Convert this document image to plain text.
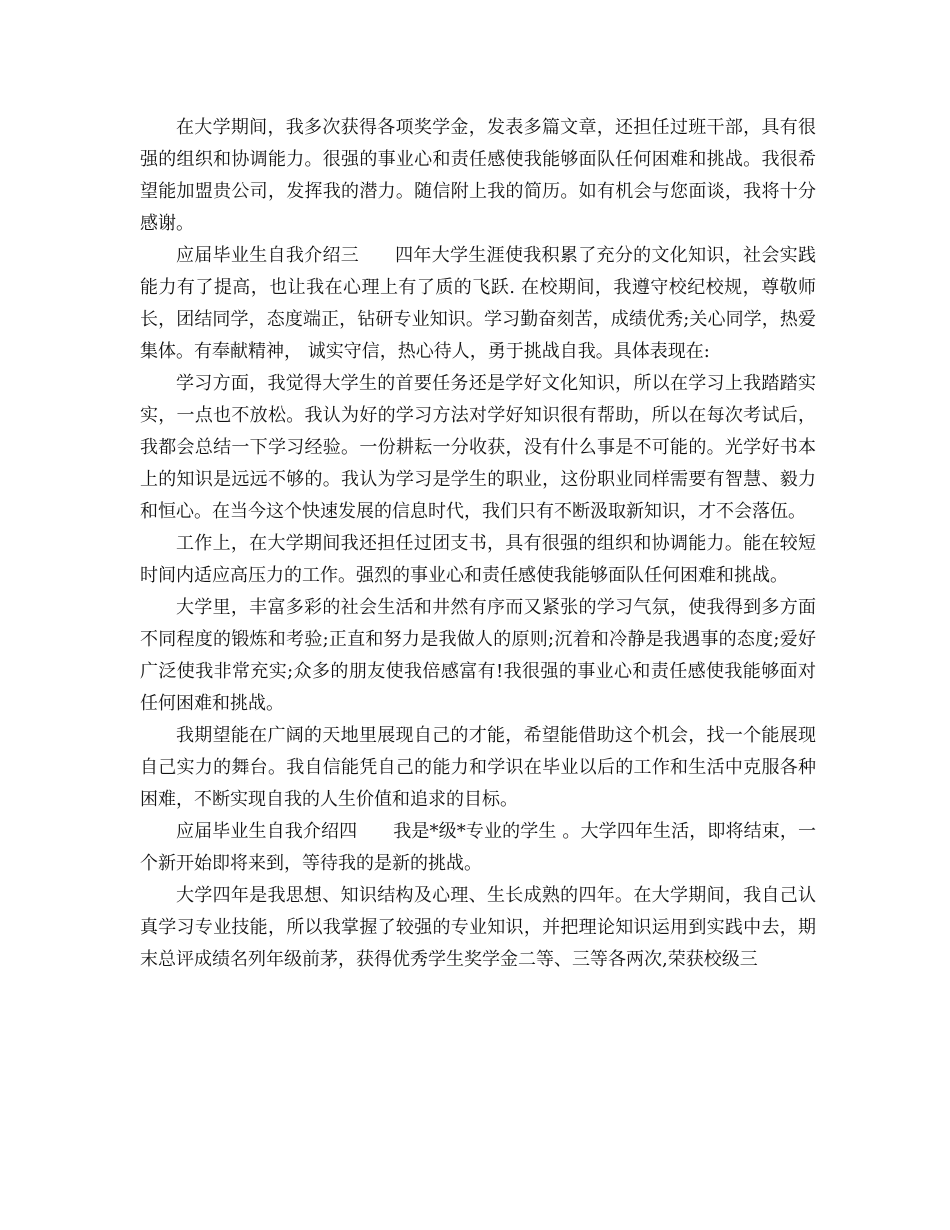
在大学期间，我多次获得各项奖学金，发表多篇文章，还担任过班干部，具有很强的组织和协调能力。很强的事业心和责任感使我能够面队任何困难和挑战。我很希望能加盟贵公司，发挥我的潜力。随信附上我的简历。如有机会与您面谈，我将十分感谢。

应届毕业生自我介绍三 四年大学生涯使我积累了充分的文化知识，社会实践能力有了提高，也让我在心理上有了质的飞跃. 在校期间，我遵守校纪校规，尊敬师长，团结同学，态度端正，钻研专业知识。学习勤奋刻苦，成绩优秀;关心同学，热爱集体。有奉献精神， 诚实守信，热心待人，勇于挑战自我。具体表现在:

学习方面，我觉得大学生的首要任务还是学好文化知识，所以在学习上我踏踏实实，一点也不放松。我认为好的学习方法对学好知识很有帮助，所以在每次考试后，我都会总结一下学习经验。一份耕耘一分收获，没有什么事是不可能的。光学好书本上的知识是远远不够的。我认为学习是学生的职业，这份职业同样需要有智慧、毅力和恒心。在当今这个快速发展的信息时代，我们只有不断汲取新知识，才不会落伍。

工作上，在大学期间我还担任过团支书，具有很强的组织和协调能力。能在较短时间内适应高压力的工作。强烈的事业心和责任感使我能够面队任何困难和挑战。

大学里，丰富多彩的社会生活和井然有序而又紧张的学习气氛，使我得到多方面不同程度的锻炼和考验;正直和努力是我做人的原则;沉着和冷静是我遇事的态度;爱好广泛使我非常充实;众多的朋友使我倍感富有!我很强的事业心和责任感使我能够面对任何困难和挑战。

我期望能在广阔的天地里展现自己的才能，希望能借助这个机会，找一个能展现自己实力的舞台。我自信能凭自己的能力和学识在毕业以后的工作和生活中克服各种困难，不断实现自我的人生价值和追求的目标。

应届毕业生自我介绍四 我是*级*专业的学生 。大学四年生活，即将结束，一个新开始即将来到，等待我的是新的挑战。

大学四年是我思想、知识结构及心理、生长成熟的四年。在大学期间，我自己认真学习专业技能，所以我掌握了较强的专业知识，并把理论知识运用到实践中去，期末总评成绩名列年级前茅，获得优秀学生奖学金二等、三等各两次,荣获校级三
